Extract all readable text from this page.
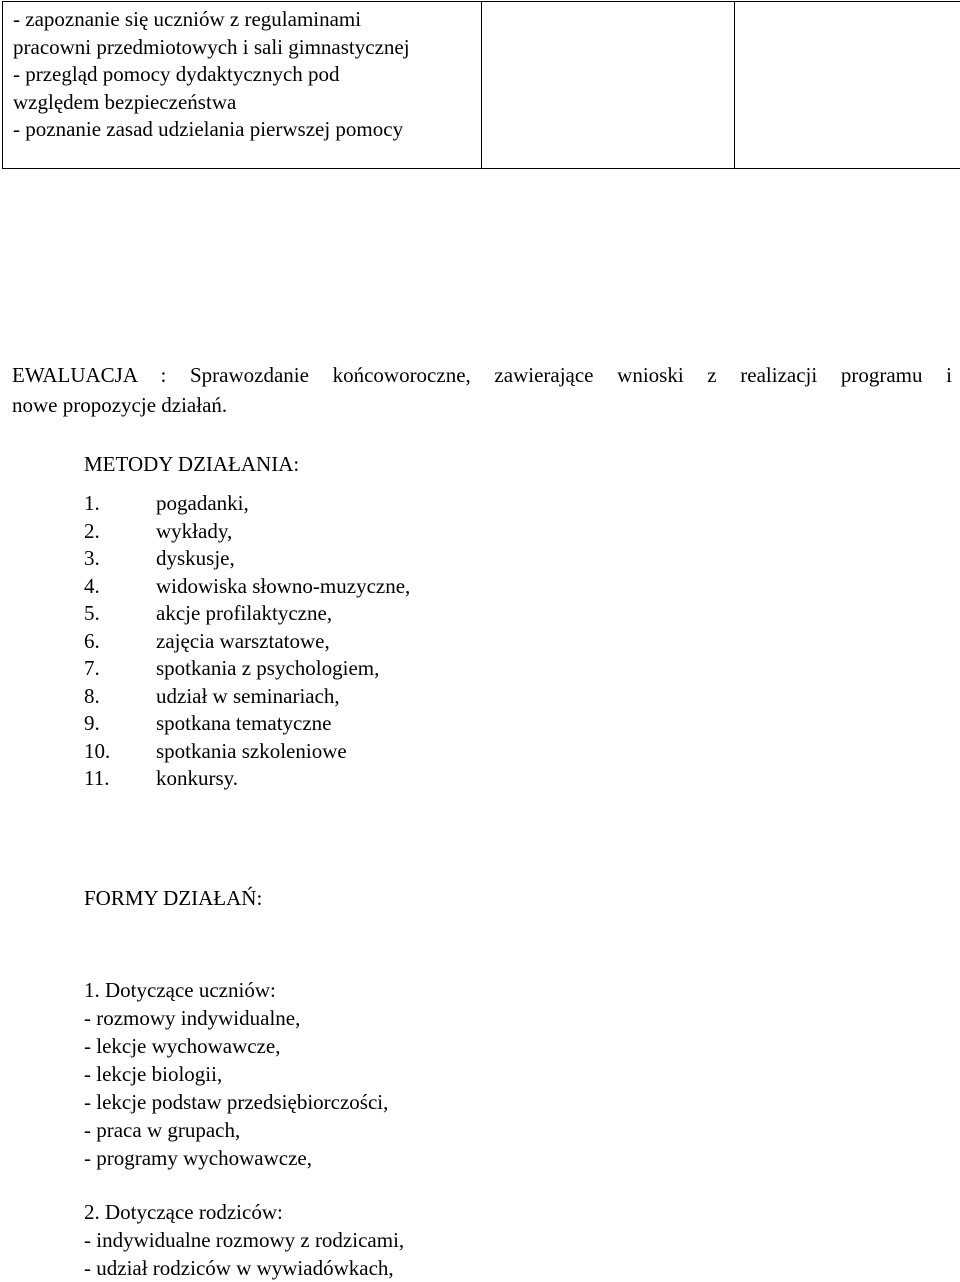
- zapoznanie się uczniów z regulaminami
pracowni przedmiotowych i sali gimnastycznej
- przegląd pomocy dydaktycznych pod
względem bezpieczeństwa
- poznanie zasad udzielania pierwszej pomocy

EWALUACJA : Sprawozdanie końcoworoczne, zawierające wnioski z realizacji programu i
nowe propozycje działań.
METODY DZIAŁANIA:
1.	pogadanki,
2.	wykłady,
3.	dyskusje,
4.	widowiska słowno-muzyczne,
5.	akcje profilaktyczne,
6.	zajęcia warsztatowe,
7.	spotkania z psychologiem,
8.	udział w seminariach,
9.	spotkana tematyczne
10. spotkania szkoleniowe
11. konkursy.
FORMY DZIAŁAŃ:
1. Dotyczące uczniów:
- rozmowy indywidualne,
- lekcje wychowawcze,
- lekcje biologii,
- lekcje podstaw przedsiębiorczości,
- praca w grupach,
- programy wychowawcze,
2. Dotyczące rodziców:
- indywidualne rozmowy z rodzicami,
- udział rodziców w wywiadówkach,
